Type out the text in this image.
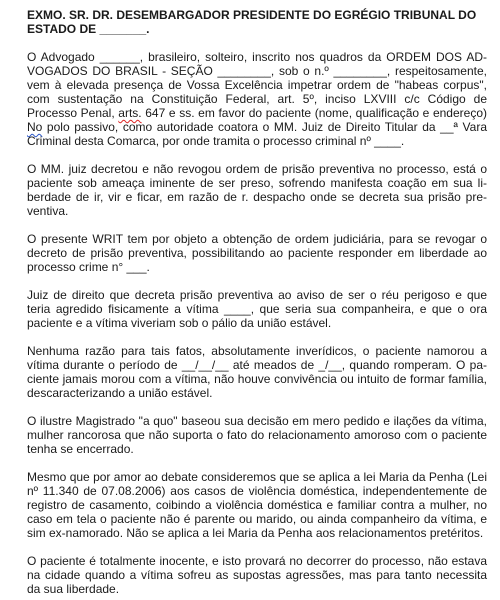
EXMO. SR. DR. DESEMBARGADOR PRESIDENTE DO EGRÉGIO TRIBUNAL DO ESTADO DE _______.

O Advogado ______, brasileiro, solteiro, inscrito nos quadros da ORDEM DOS ADVOGADOS DO BRASIL - SEÇÃO ________, sob o n.º ________, respeitosamente, vem à elevada presença de Vossa Excelência impetrar ordem de "habeas corpus", com sustentação na Constituição Federal, art. 5º, inciso LXVIII c/c Código de Processo Penal, arts. 647 e ss. em favor do paciente (nome, qualificação e endereço) No polo passivo, como autoridade coatora o MM. Juiz de Direito Titular da __ª Vara Criminal desta Comarca, por onde tramita o processo criminal nº ____.

O MM. juiz decretou e não revogou ordem de prisão preventiva no processo, está o paciente sob ameaça iminente de ser preso, sofrendo manifesta coação em sua liberdade de ir, vir e ficar, em razão de r. despacho onde se decreta sua prisão preventiva.

O presente WRIT tem por objeto a obtenção de ordem judiciária, para se revogar o decreto de prisão preventiva, possibilitando ao paciente responder em liberdade ao processo crime n° ___.

Juiz de direito que decreta prisão preventiva ao aviso de ser o réu perigoso e que teria agredido fisicamente a vítima ____, que seria sua companheira, e que o ora paciente e a vítima viveriam sob o pálio da união estável.

Nenhuma razão para tais fatos, absolutamente inverídicos, o paciente namorou a vítima durante o período de __/__/__ até meados de _/__, quando romperam. O paciente jamais morou com a vítima, não houve convivência ou intuito de formar família, descaracterizando a união estável.

O ilustre Magistrado "a quo" baseou sua decisão em mero pedido e ilações da vítima, mulher rancorosa que não suporta o fato do relacionamento amoroso com o paciente tenha se encerrado.

Mesmo que por amor ao debate consideremos que se aplica a lei Maria da Penha (Lei nº 11.340 de 07.08.2006) aos casos de violência doméstica, independentemente de registro de casamento, coibindo a violência doméstica e familiar contra a mulher, no caso em tela o paciente não é parente ou marido, ou ainda companheiro da vítima, e sim ex-namorado. Não se aplica a lei Maria da Penha aos relacionamentos pretéritos.

O paciente é totalmente inocente, e isto provará no decorrer do processo, não estava na cidade quando a vítima sofreu as supostas agressões, mas para tanto necessita da sua liberdade.
